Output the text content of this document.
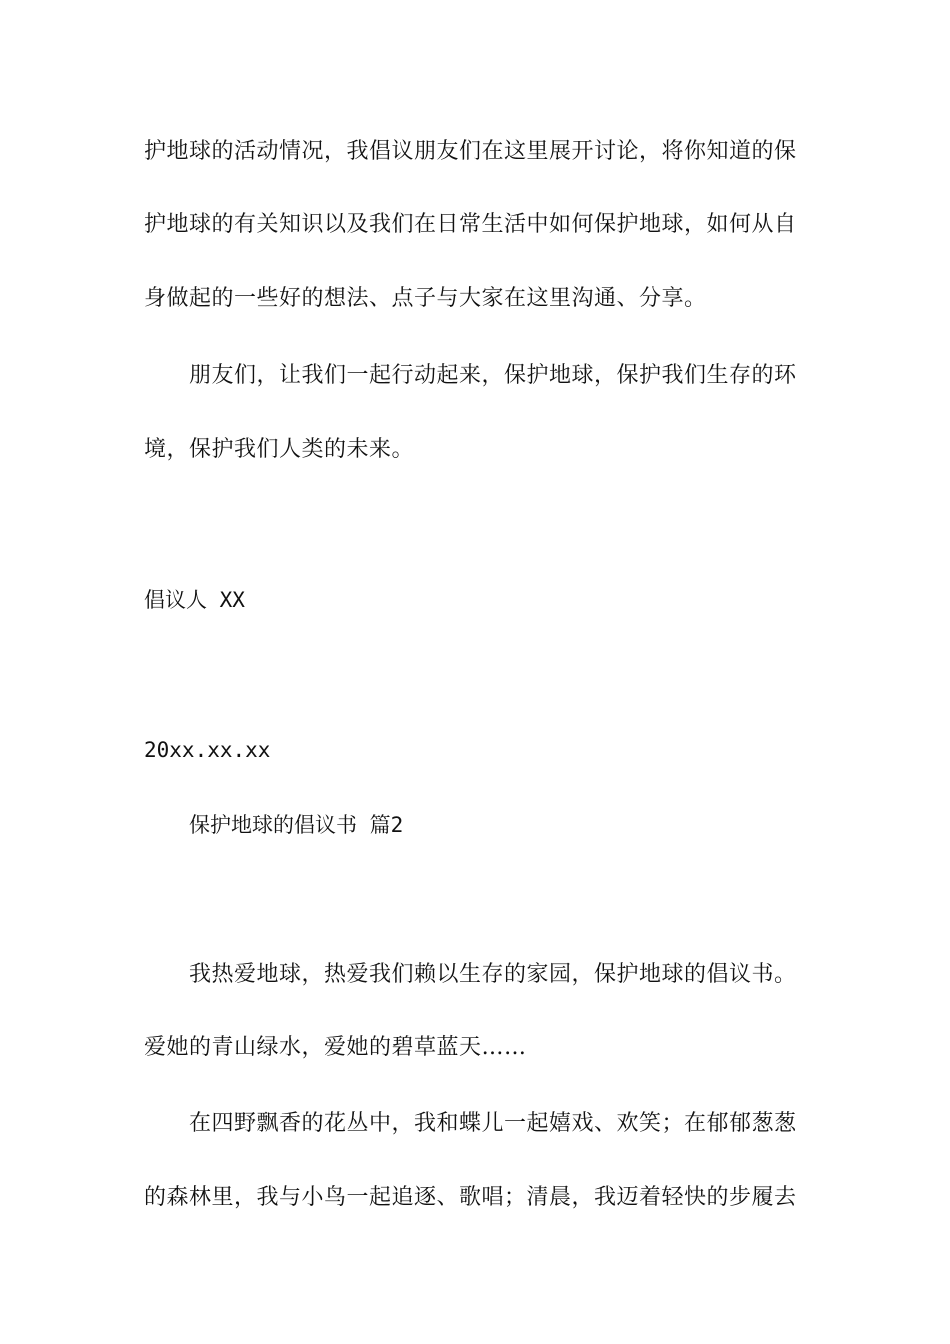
护地球的活动情况，我倡议朋友们在这里展开讨论，将你知道的保
护地球的有关知识以及我们在日常生活中如何保护地球，如何从自
身做起的一些好的想法、点子与大家在这里沟通、分享。
朋友们，让我们一起行动起来，保护地球，保护我们生存的环
境，保护我们人类的未来。
倡议人 XX
20xx.xx.xx
保护地球的倡议书 篇2
我热爱地球，热爱我们赖以生存的家园，保护地球的倡议书。
爱她的青山绿水，爱她的碧草蓝天……
在四野飘香的花丛中，我和蝶儿一起嬉戏、欢笑；在郁郁葱葱
的森林里，我与小鸟一起追逐、歌唱；清晨，我迈着轻快的步履去
